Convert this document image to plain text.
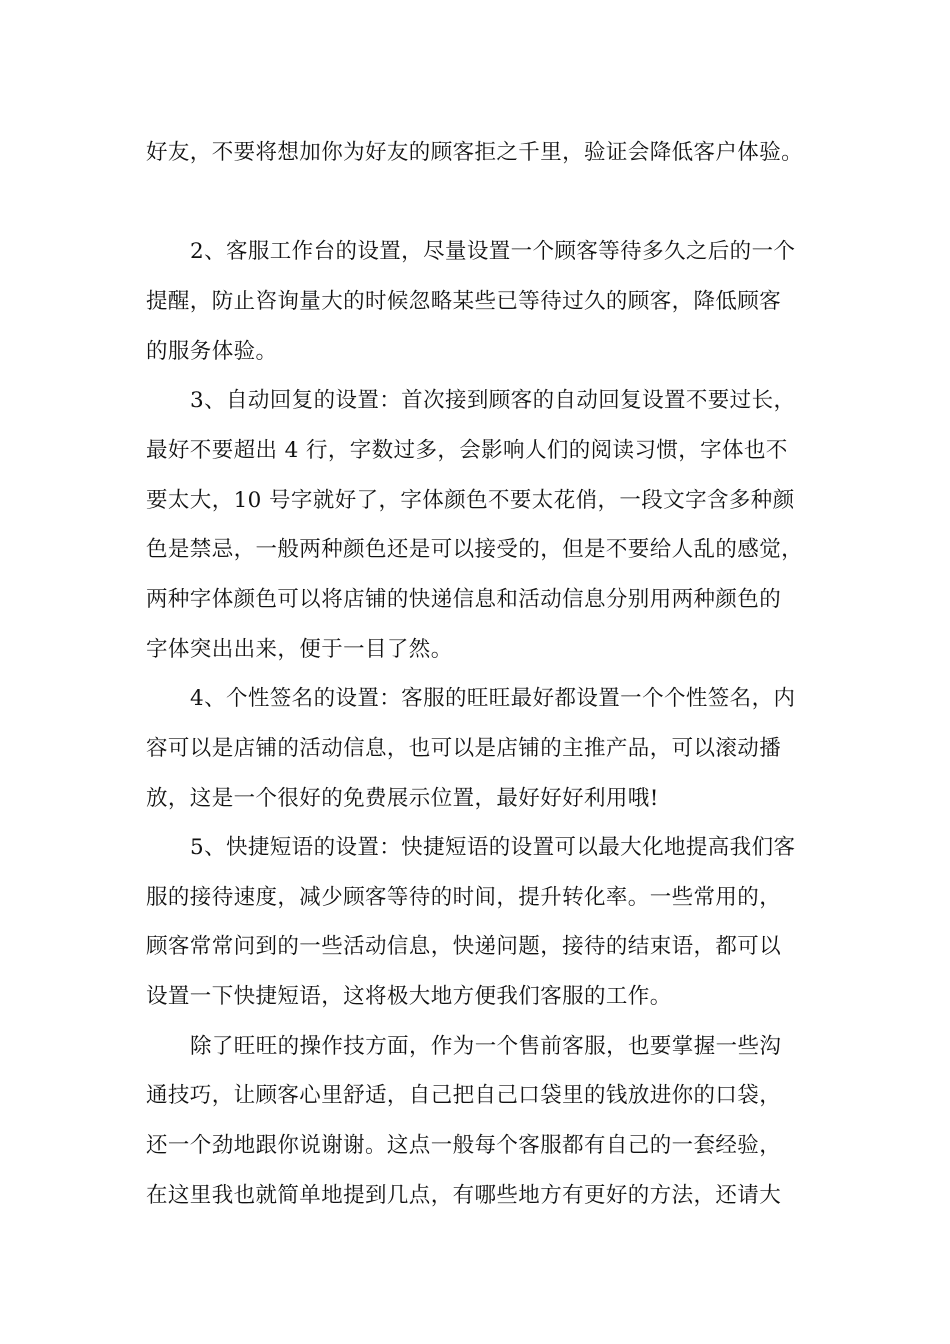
好友，不要将想加你为好友的顾客拒之千里，验证会降低客户体验。
2、客服工作台的设置，尽量设置一个顾客等待多久之后的一个
提醒，防止咨询量大的时候忽略某些已等待过久的顾客，降低顾客
的服务体验。
3、自动回复的设置：首次接到顾客的自动回复设置不要过长，
最好不要超出 4 行，字数过多，会影响人们的阅读习惯，字体也不
要太大，10 号字就好了，字体颜色不要太花俏，一段文字含多种颜
色是禁忌，一般两种颜色还是可以接受的，但是不要给人乱的感觉，
两种字体颜色可以将店铺的快递信息和活动信息分别用两种颜色的
字体突出出来，便于一目了然。
4、个性签名的设置：客服的旺旺最好都设置一个个性签名，内
容可以是店铺的活动信息，也可以是店铺的主推产品，可以滚动播
放，这是一个很好的免费展示位置，最好好好利用哦!
5、快捷短语的设置：快捷短语的设置可以最大化地提高我们客
服的接待速度，减少顾客等待的时间，提升转化率。一些常用的，
顾客常常问到的一些活动信息，快递问题，接待的结束语，都可以
设置一下快捷短语，这将极大地方便我们客服的工作。
除了旺旺的操作技方面，作为一个售前客服，也要掌握一些沟
通技巧，让顾客心里舒适，自己把自己口袋里的钱放进你的口袋，
还一个劲地跟你说谢谢。这点一般每个客服都有自己的一套经验，
在这里我也就简单地提到几点，有哪些地方有更好的方法，还请大
